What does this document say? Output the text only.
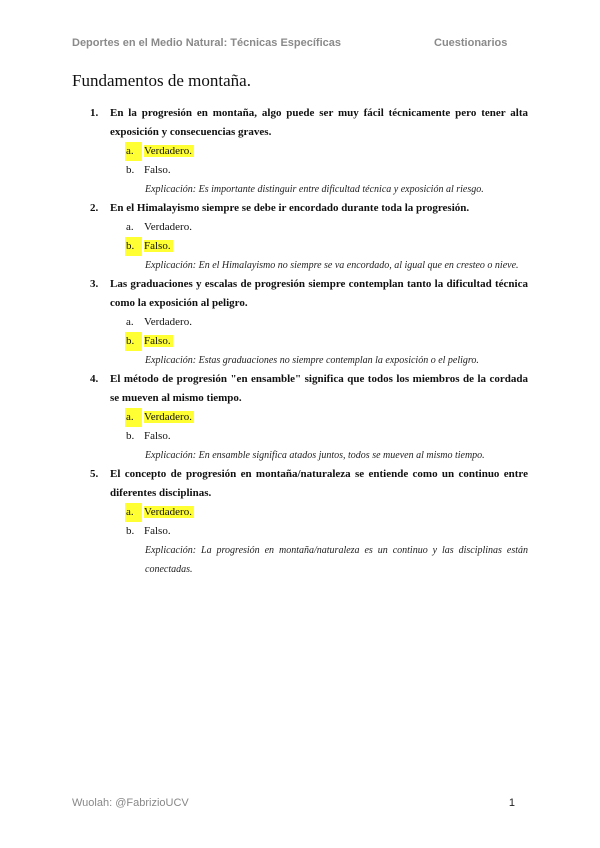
Deportes en el Medio Natural: Técnicas Específicas	Cuestionarios
Fundamentos de montaña.
1. En la progresión en montaña, algo puede ser muy fácil técnicamente pero tener alta exposición y consecuencias graves.
a. Verdadero.
b. Falso.
Explicación: Es importante distinguir entre dificultad técnica y exposición al riesgo.
2. En el Himalayismo siempre se debe ir encordado durante toda la progresión.
a. Verdadero.
b. Falso.
Explicación: En el Himalayismo no siempre se va encordado, al igual que en cresteo o nieve.
3. Las graduaciones y escalas de progresión siempre contemplan tanto la dificultad técnica como la exposición al peligro.
a. Verdadero.
b. Falso.
Explicación: Estas graduaciones no siempre contemplan la exposición o el peligro.
4. El método de progresión "en ensamble" significa que todos los miembros de la cordada se mueven al mismo tiempo.
a. Verdadero.
b. Falso.
Explicación: En ensamble significa atados juntos, todos se mueven al mismo tiempo.
5. El concepto de progresión en montaña/naturaleza se entiende como un continuo entre diferentes disciplinas.
a. Verdadero.
b. Falso.
Explicación: La progresión en montaña/naturaleza es un continuo y las disciplinas están conectadas.
Wuolah: @FabrizioUCV	1
